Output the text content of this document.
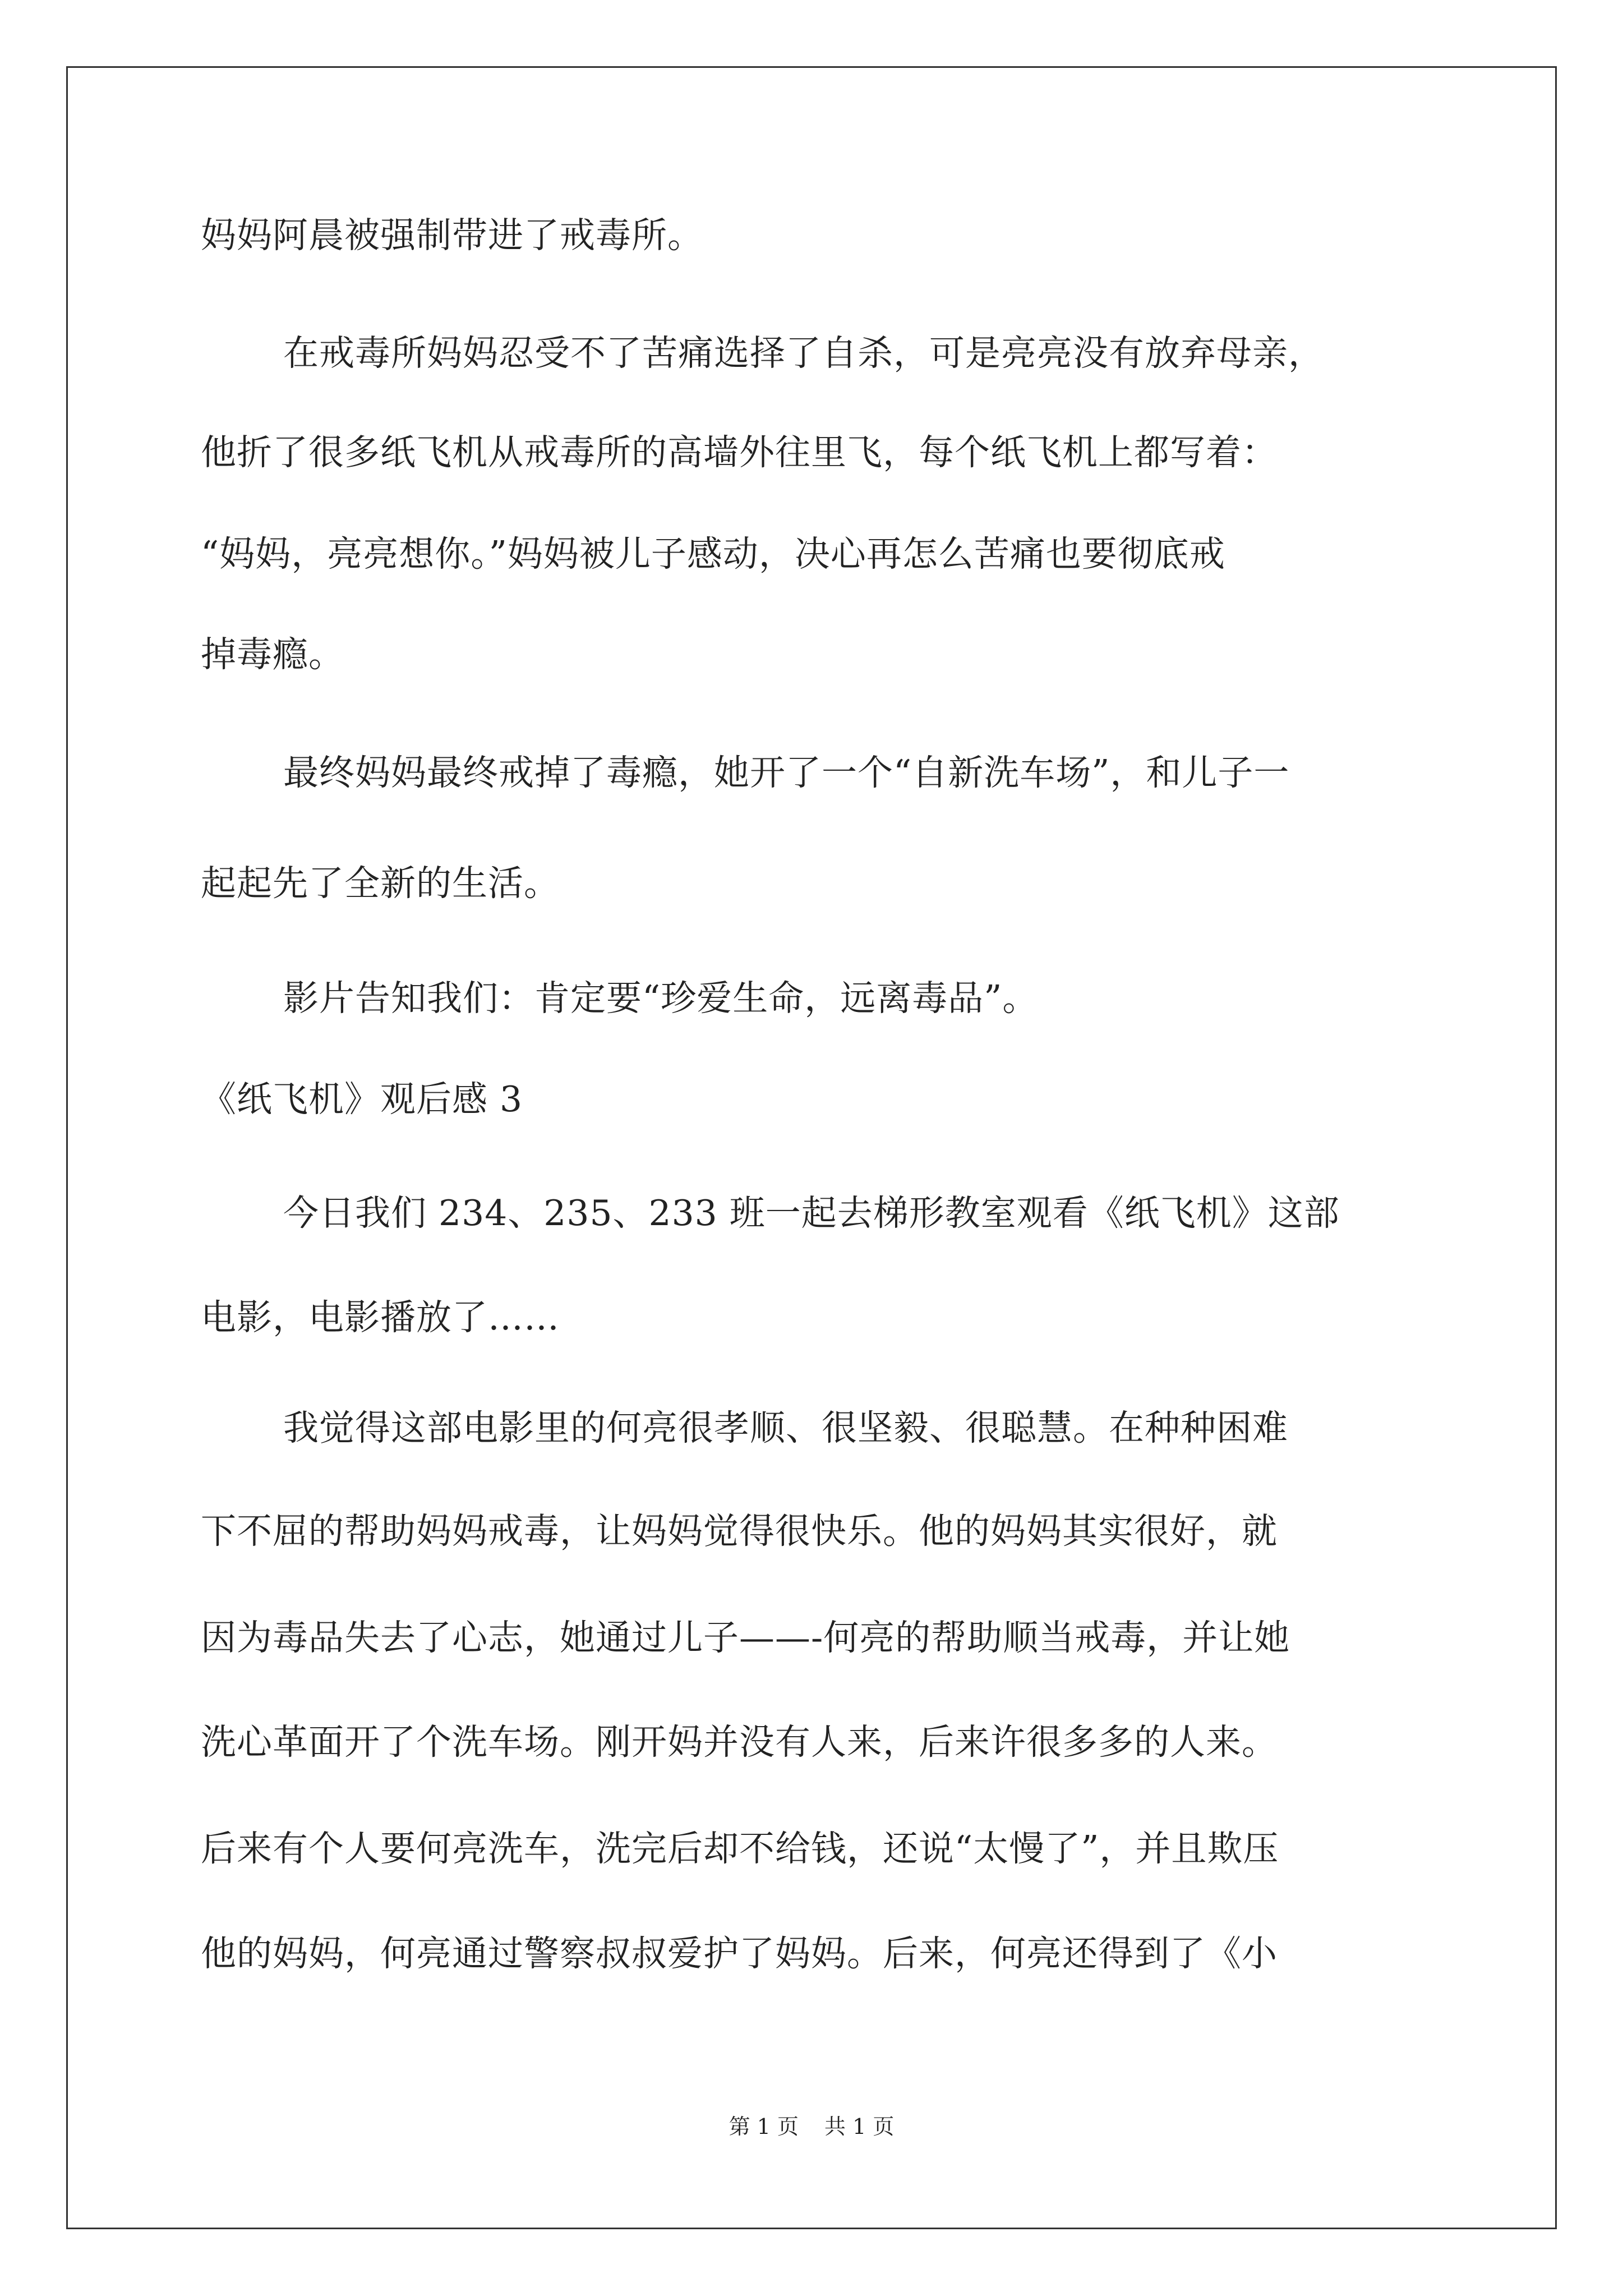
妈妈阿晨被强制带进了戒毒所。
在戒毒所妈妈忍受不了苦痛选择了自杀，可是亮亮没有放弃母亲，
他折了很多纸飞机从戒毒所的高墙外往里飞，每个纸飞机上都写着：
“妈妈，亮亮想你。”妈妈被儿子感动，决心再怎么苦痛也要彻底戒
掉毒瘾。
最终妈妈最终戒掉了毒瘾，她开了一个“自新洗车场”，和儿子一
起起先了全新的生活。
影片告知我们：肯定要“珍爱生命，远离毒品”。
《纸飞机》观后感 3
今日我们 234、235、233 班一起去梯形教室观看《纸飞机》这部
电影，电影播放了……
我觉得这部电影里的何亮很孝顺、很坚毅、很聪慧。在种种困难
下不屈的帮助妈妈戒毒，让妈妈觉得很快乐。他的妈妈其实很好，就
因为毒品失去了心志，她通过儿子——-何亮的帮助顺当戒毒，并让她
洗心革面开了个洗车场。刚开妈并没有人来，后来许很多多的人来。
后来有个人要何亮洗车，洗完后却不给钱，还说“太慢了”，并且欺压
他的妈妈，何亮通过警察叔叔爱护了妈妈。后来，何亮还得到了《小
第 1 页 共 1 页
